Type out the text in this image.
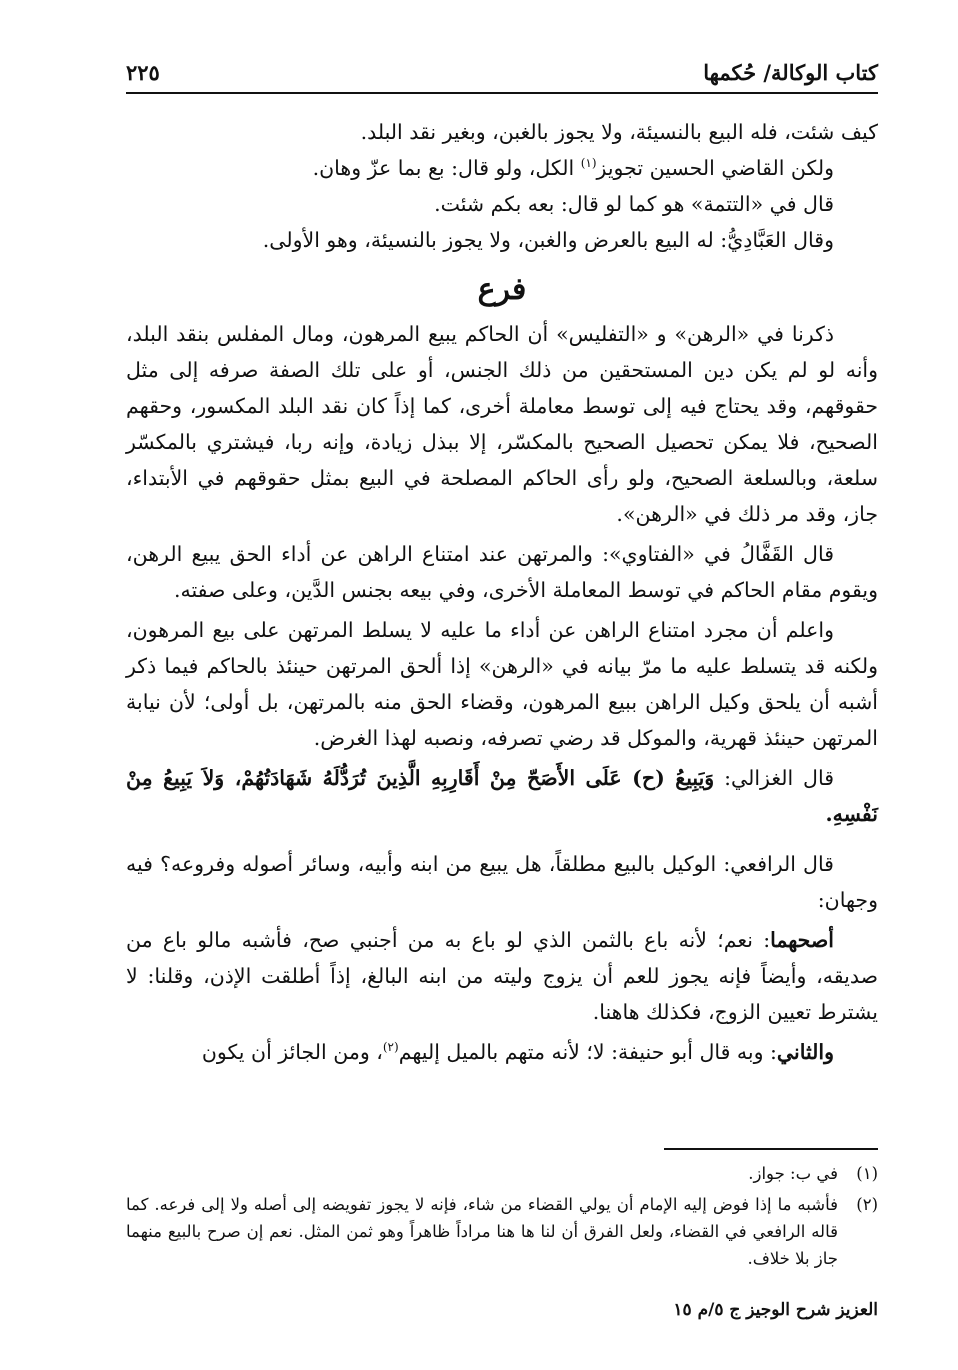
كتاب الوكالة/ حُكمها
٢٢٥

كيف شئت، فله البيع بالنسيئة، ولا يجوز بالغبن، وبغير نقد البلد.

ولكن القاضي الحسين تجويز$^{(١)}$ الكل، ولو قال: بع بما عزّ وهان.

قال في «التتمة» هو كما لو قال: بعه بكم شئت.

وقال العَبَّادِيُّ: له البيع بالعرض والغبن، ولا يجوز بالنسيئة، وهو الأولى.

فرع

ذكرنا في «الرهن» و «التفليس» أن الحاكم يبيع المرهون، ومال المفلس بنقد البلد، وأنه لو لم يكن دين المستحقين من ذلك الجنس، أو على تلك الصفة صرفه إلى مثل حقوقهم، وقد يحتاج فيه إلى توسط معاملة أخرى، كما إذاً كان نقد البلد المكسور، وحقهم الصحيح، فلا يمكن تحصيل الصحيح بالمكسّر، إلا ببذل زيادة، وإنه ربا، فيشتري بالمكسّر سلعة، وبالسلعة الصحيح، ولو رأى الحاكم المصلحة في البيع بمثل حقوقهم في الأبتداء، جاز، وقد مر ذلك في «الرهن».

قال القَفَّالُ في «الفتاوي»: والمرتهن عند امتناع الراهن عن أداء الحق يبيع الرهن، ويقوم مقام الحاكم في توسط المعاملة الأخرى، وفي بيعه بجنس الدَّين، وعلى صفته.

واعلم أن مجرد امتناع الراهن عن أداء ما عليه لا يسلط المرتهن على بيع المرهون، ولكنه قد يتسلط عليه ما مرّ بيانه في «الرهن» إذا ألحق المرتهن حينئذ بالحاكم فيما ذكر أشبه أن يلحق وكيل الراهن ببيع المرهون، وقضاء الحق منه بالمرتهن، بل أولى؛ لأن نيابة المرتهن حينئذ قهرية، والموكل قد رضي تصرفه، ونصبه لهذا الغرض.

قال الغزالي: وَيَبِيعُ (ح) عَلَى الأَصَحّ مِنْ أَقَارِبِهِ الَّذِينَ تُرَدُّلَهُ شَهَادَتُهُمْ، وَلاَ يَبِيعُ مِنْ نَفْسِهِ.

قال الرافعي: الوكيل بالبيع مطلقاً، هل يبيع من ابنه وأبيه، وسائر أصوله وفروعه؟ فيه وجهان:

أصحهما: نعم؛ لأنه باع بالثمن الذي لو باع به من أجنبي صح، فأشبه مالو باع من صديقه، وأيضاً فإنه يجوز للعم أن يزوج وليته من ابنه البالغ، إذاً أطلقت الإذن، وقلنا: لا يشترط تعيين الزوج، فكذلك هاهنا.

والثاني: وبه قال أبو حنيفة: لا؛ لأنه متهم بالميل إليهم$^{(٢)}$، ومن الجائز أن يكون

(١)
في ب: جواز.
(٢)
فأشبه ما إذا فوض إليه الإمام أن يولي القضاء من شاء، فإنه لا يجوز تفويضه إلى أصله ولا إلى فرعه. كما قاله الرافعي في القضاء، ولعل الفرق أن لنا ها هنا مراداً ظاهراً وهو ثمن المثل. نعم إن صرح بالبيع منهما جاز بلا خلاف.
العزيز شرح الوجيز ج ٥/م ١٥
